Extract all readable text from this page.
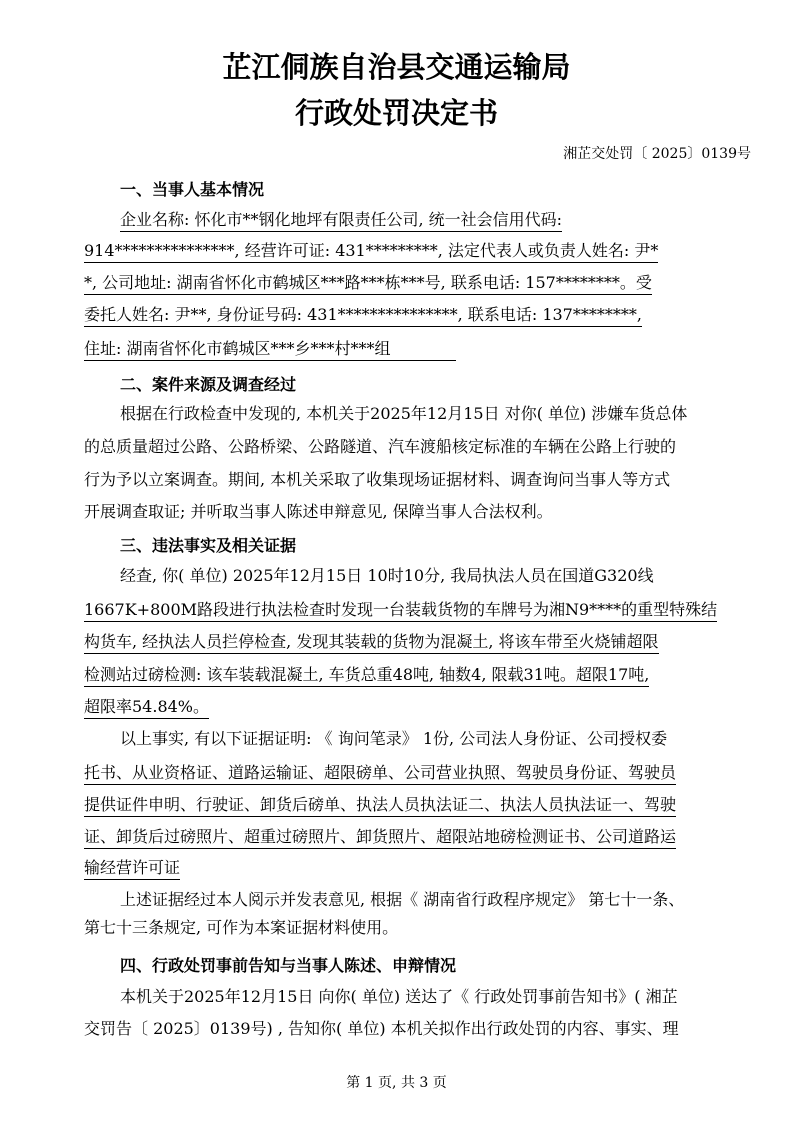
芷江侗族自治县交通运输局
行政处罚决定书
湘芷交处罚〔 2025〕0139号
一、当事人基本情况
企业名称: 怀化市**钢化地坪有限责任公司, 统一社会信用代码:
914***************, 经营许可证: 431*********, 法定代表人或负责人姓名: 尹*
*, 公司地址: 湖南省怀化市鹤城区***路***栋***号, 联系电话: 157********。受
委托人姓名: 尹**, 身份证号码: 431***************, 联系电话: 137********,
住址: 湖南省怀化市鹤城区***乡***村***组
二、案件来源及调查经过
根据在行政检查中发现的, 本机关于2025年12月15日 对你( 单位) 涉嫌车货总体
的总质量超过公路、公路桥梁、公路隧道、汽车渡船核定标准的车辆在公路上行驶的
行为予以立案调查。期间, 本机关采取了收集现场证据材料、调查询问当事人等方式
开展调查取证; 并听取当事人陈述申辩意见, 保障当事人合法权利。
三、违法事实及相关证据
经查, 你( 单位) 2025年12月15日 10时10分, 我局执法人员在国道G320线
1667K+800M路段进行执法检查时发现一台装载货物的车牌号为湘N9****的重型特殊结
构货车, 经执法人员拦停检查, 发现其装载的货物为混凝土, 将该车带至火烧铺超限
检测站过磅检测: 该车装载混凝土, 车货总重48吨, 轴数4, 限载31吨。超限17吨,
超限率54.84%。
以上事实, 有以下证据证明: 《 询问笔录》 1份, 公司法人身份证、公司授权委
托书、从业资格证、道路运输证、超限磅单、公司营业执照、驾驶员身份证、驾驶员
提供证件申明、行驶证、卸货后磅单、执法人员执法证二、执法人员执法证一、驾驶
证、卸货后过磅照片、超重过磅照片、卸货照片、超限站地磅检测证书、公司道路运
输经营许可证
上述证据经过本人阅示并发表意见, 根据《 湖南省行政程序规定》 第七十一条、
第七十三条规定, 可作为本案证据材料使用。
四、行政处罚事前告知与当事人陈述、申辩情况
本机关于2025年12月15日 向你( 单位) 送达了《 行政处罚事前告知书》( 湘芷
交罚告〔 2025〕0139号) , 告知你( 单位) 本机关拟作出行政处罚的内容、事实、理
第 1 页, 共 3 页
